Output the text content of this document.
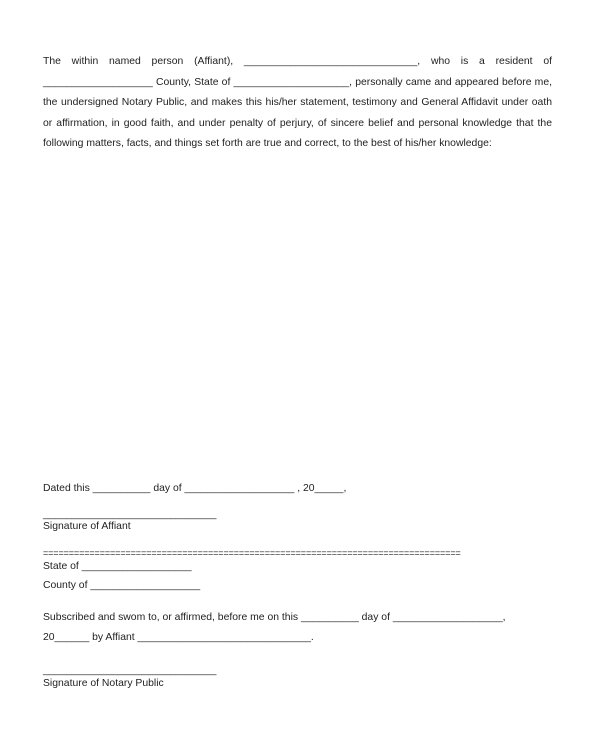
The within named person (Affiant), ______________________________, who is a resident of ___________________ County, State of ____________________, personally came and appeared before me, the undersigned Notary Public, and makes this his/her statement, testimony and General Affidavit under oath or affirmation, in good faith, and under penalty of perjury, of sincere belief and personal knowledge that the following matters, facts, and things set forth are true and correct, to the best of his/her knowledge:

Dated this __________ day of ___________________ , 20_____,
______________________________
Signature of Affiant
=================================================================================
State of ___________________
County of ___________________
Subscribed and swom to, or affirmed, before me on this __________ day of ___________________,
20______ by Affiant ______________________________.
______________________________
Signature of Notary Public
